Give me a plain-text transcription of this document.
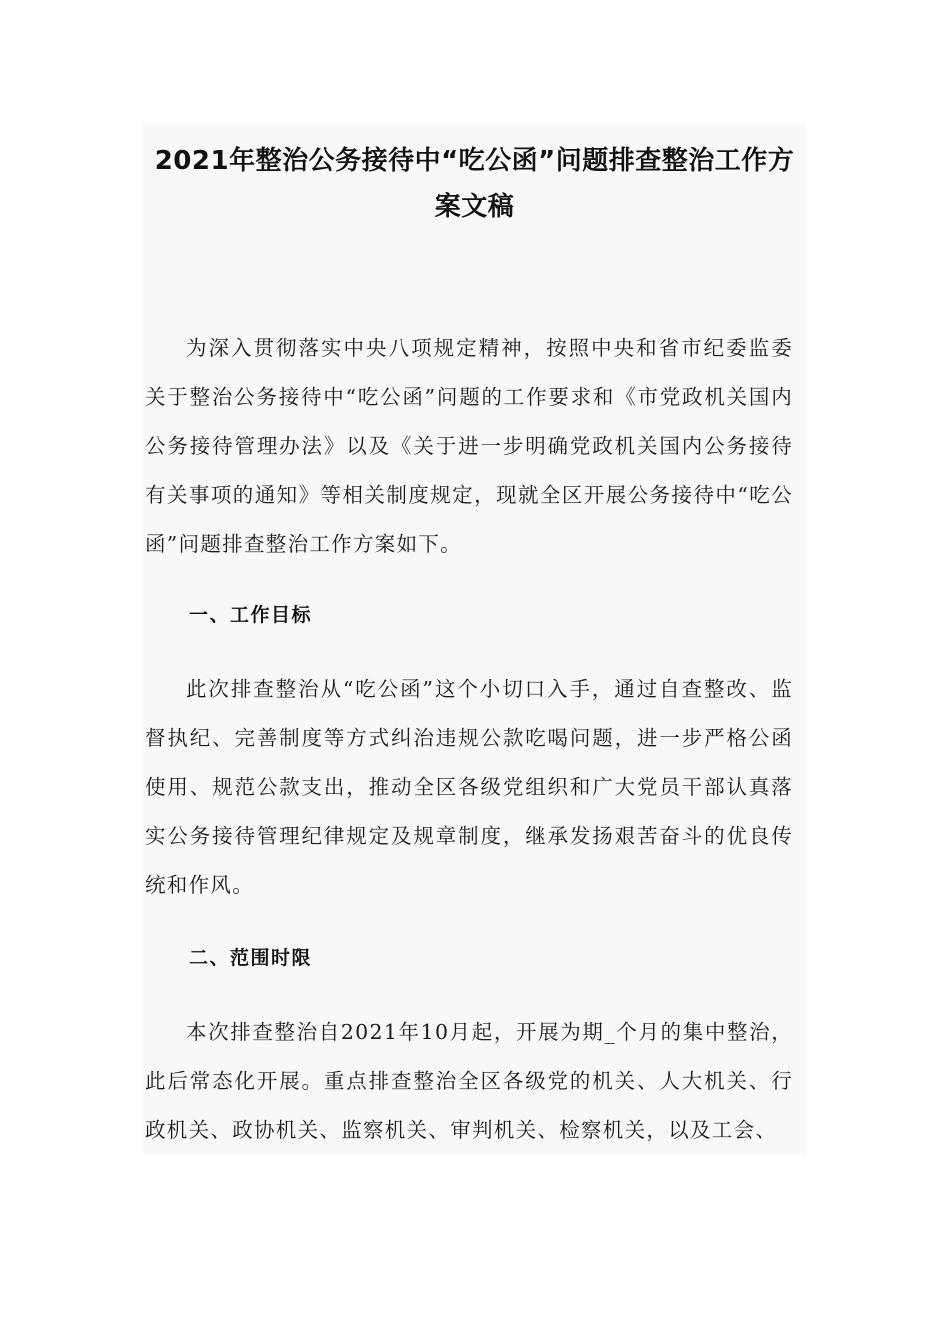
2021年整治公务接待中“吃公函”问题排查整治工作方案文稿

为深入贯彻落实中央八项规定精神，按照中央和省市纪委监委关于整治公务接待中“吃公函”问题的工作要求和《市党政机关国内公务接待管理办法》以及《关于进一步明确党政机关国内公务接待有关事项的通知》等相关制度规定，现就全区开展公务接待中“吃公函”问题排查整治工作方案如下。

一、工作目标

此次排查整治从“吃公函”这个小切口入手，通过自查整改、监督执纪、完善制度等方式纠治违规公款吃喝问题，进一步严格公函使用、规范公款支出，推动全区各级党组织和广大党员干部认真落实公务接待管理纪律规定及规章制度，继承发扬艰苦奋斗的优良传统和作风。

二、范围时限

本次排查整治自2021年10月起，开展为期_个月的集中整治，此后常态化开展。重点排查整治全区各级党的机关、人大机关、行政机关、政协机关、监察机关、审判机关、检察机关，以及工会、
